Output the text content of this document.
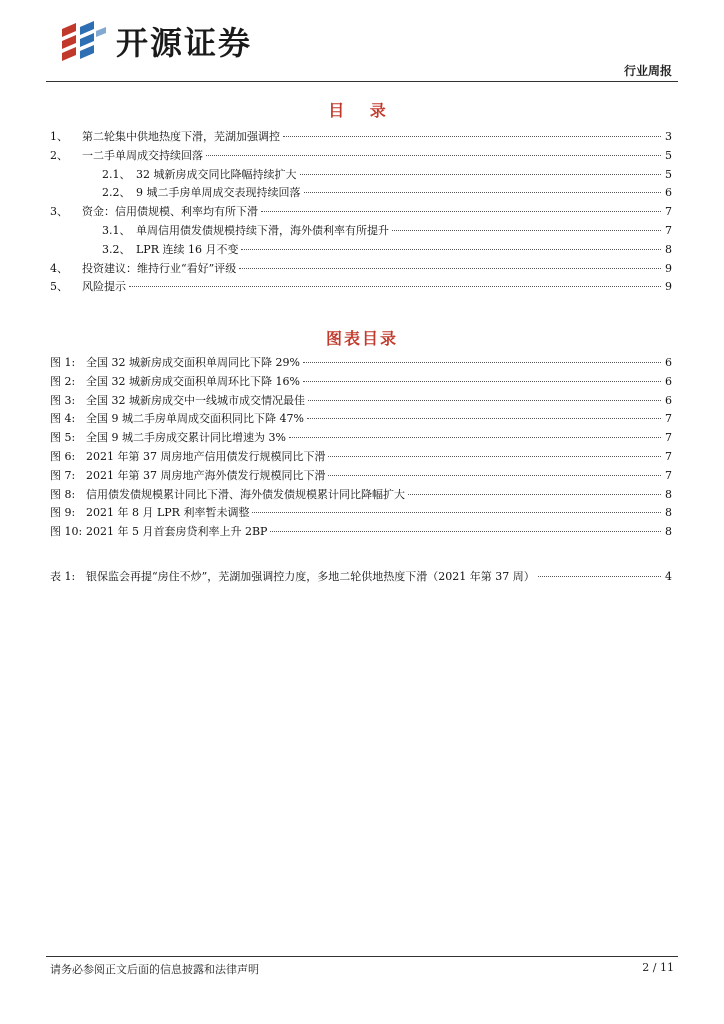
开源证券
行业周报
目 录
1、	第二轮集中供地热度下滑，芜湖加强调控	3
2、	一二手单周成交持续回落	5
2.1、 32 城新房成交同比降幅持续扩大	5
2.2、 9 城二手房单周成交表现持续回落	6
3、	资金：信用债规模、利率均有所下滑	7
3.1、 单周信用债发债规模持续下滑，海外债利率有所提升	7
3.2、 LPR 连续 16 月不变	8
4、	投资建议：维持行业“看好”评级	9
5、	风险提示	9
图表目录
图 1: 全国 32 城新房成交面积单周同比下降 29%	6
图 2: 全国 32 城新房成交面积单周环比下降 16%	6
图 3: 全国 32 城新房成交中一线城市成交情况最佳	6
图 4: 全国 9 城二手房单周成交面积同比下降 47%	7
图 5: 全国 9 城二手房成交累计同比增速为 3%	7
图 6: 2021 年第 37 周房地产信用债发行规模同比下滑	7
图 7: 2021 年第 37 周房地产海外债发行规模同比下滑	7
图 8: 信用债发债规模累计同比下滑、海外债发债规模累计同比降幅扩大	8
图 9: 2021 年 8 月 LPR 利率暂未调整	8
图 10: 2021 年 5 月首套房贷利率上升 2BP	8
表 1: 银保监会再提“房住不炒”，芜湖加强调控力度，多地二轮供地热度下滑（2021 年第 37 周）	4
请务必参阅正文后面的信息披露和法律声明	2 / 11
